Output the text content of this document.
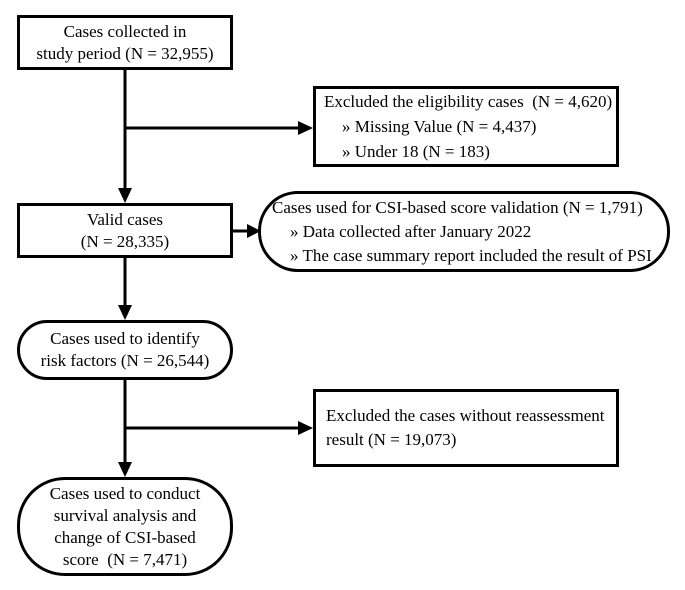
Cases collected in
study period (N = 32,955)
Excluded the eligibility cases  (N = 4,620)
» Missing Value (N = 4,437)
» Under 18 (N = 183)
Valid cases
(N = 28,335)
Cases used for CSI-based score validation (N = 1,791)
» Data collected after January 2022
» The case summary report included the result of PSI
Cases used to identify
risk factors (N = 26,544)
Excluded the cases without reassessment
result (N = 19,073)
Cases used to conduct
survival analysis and
change of CSI-based
score  (N = 7,471)
